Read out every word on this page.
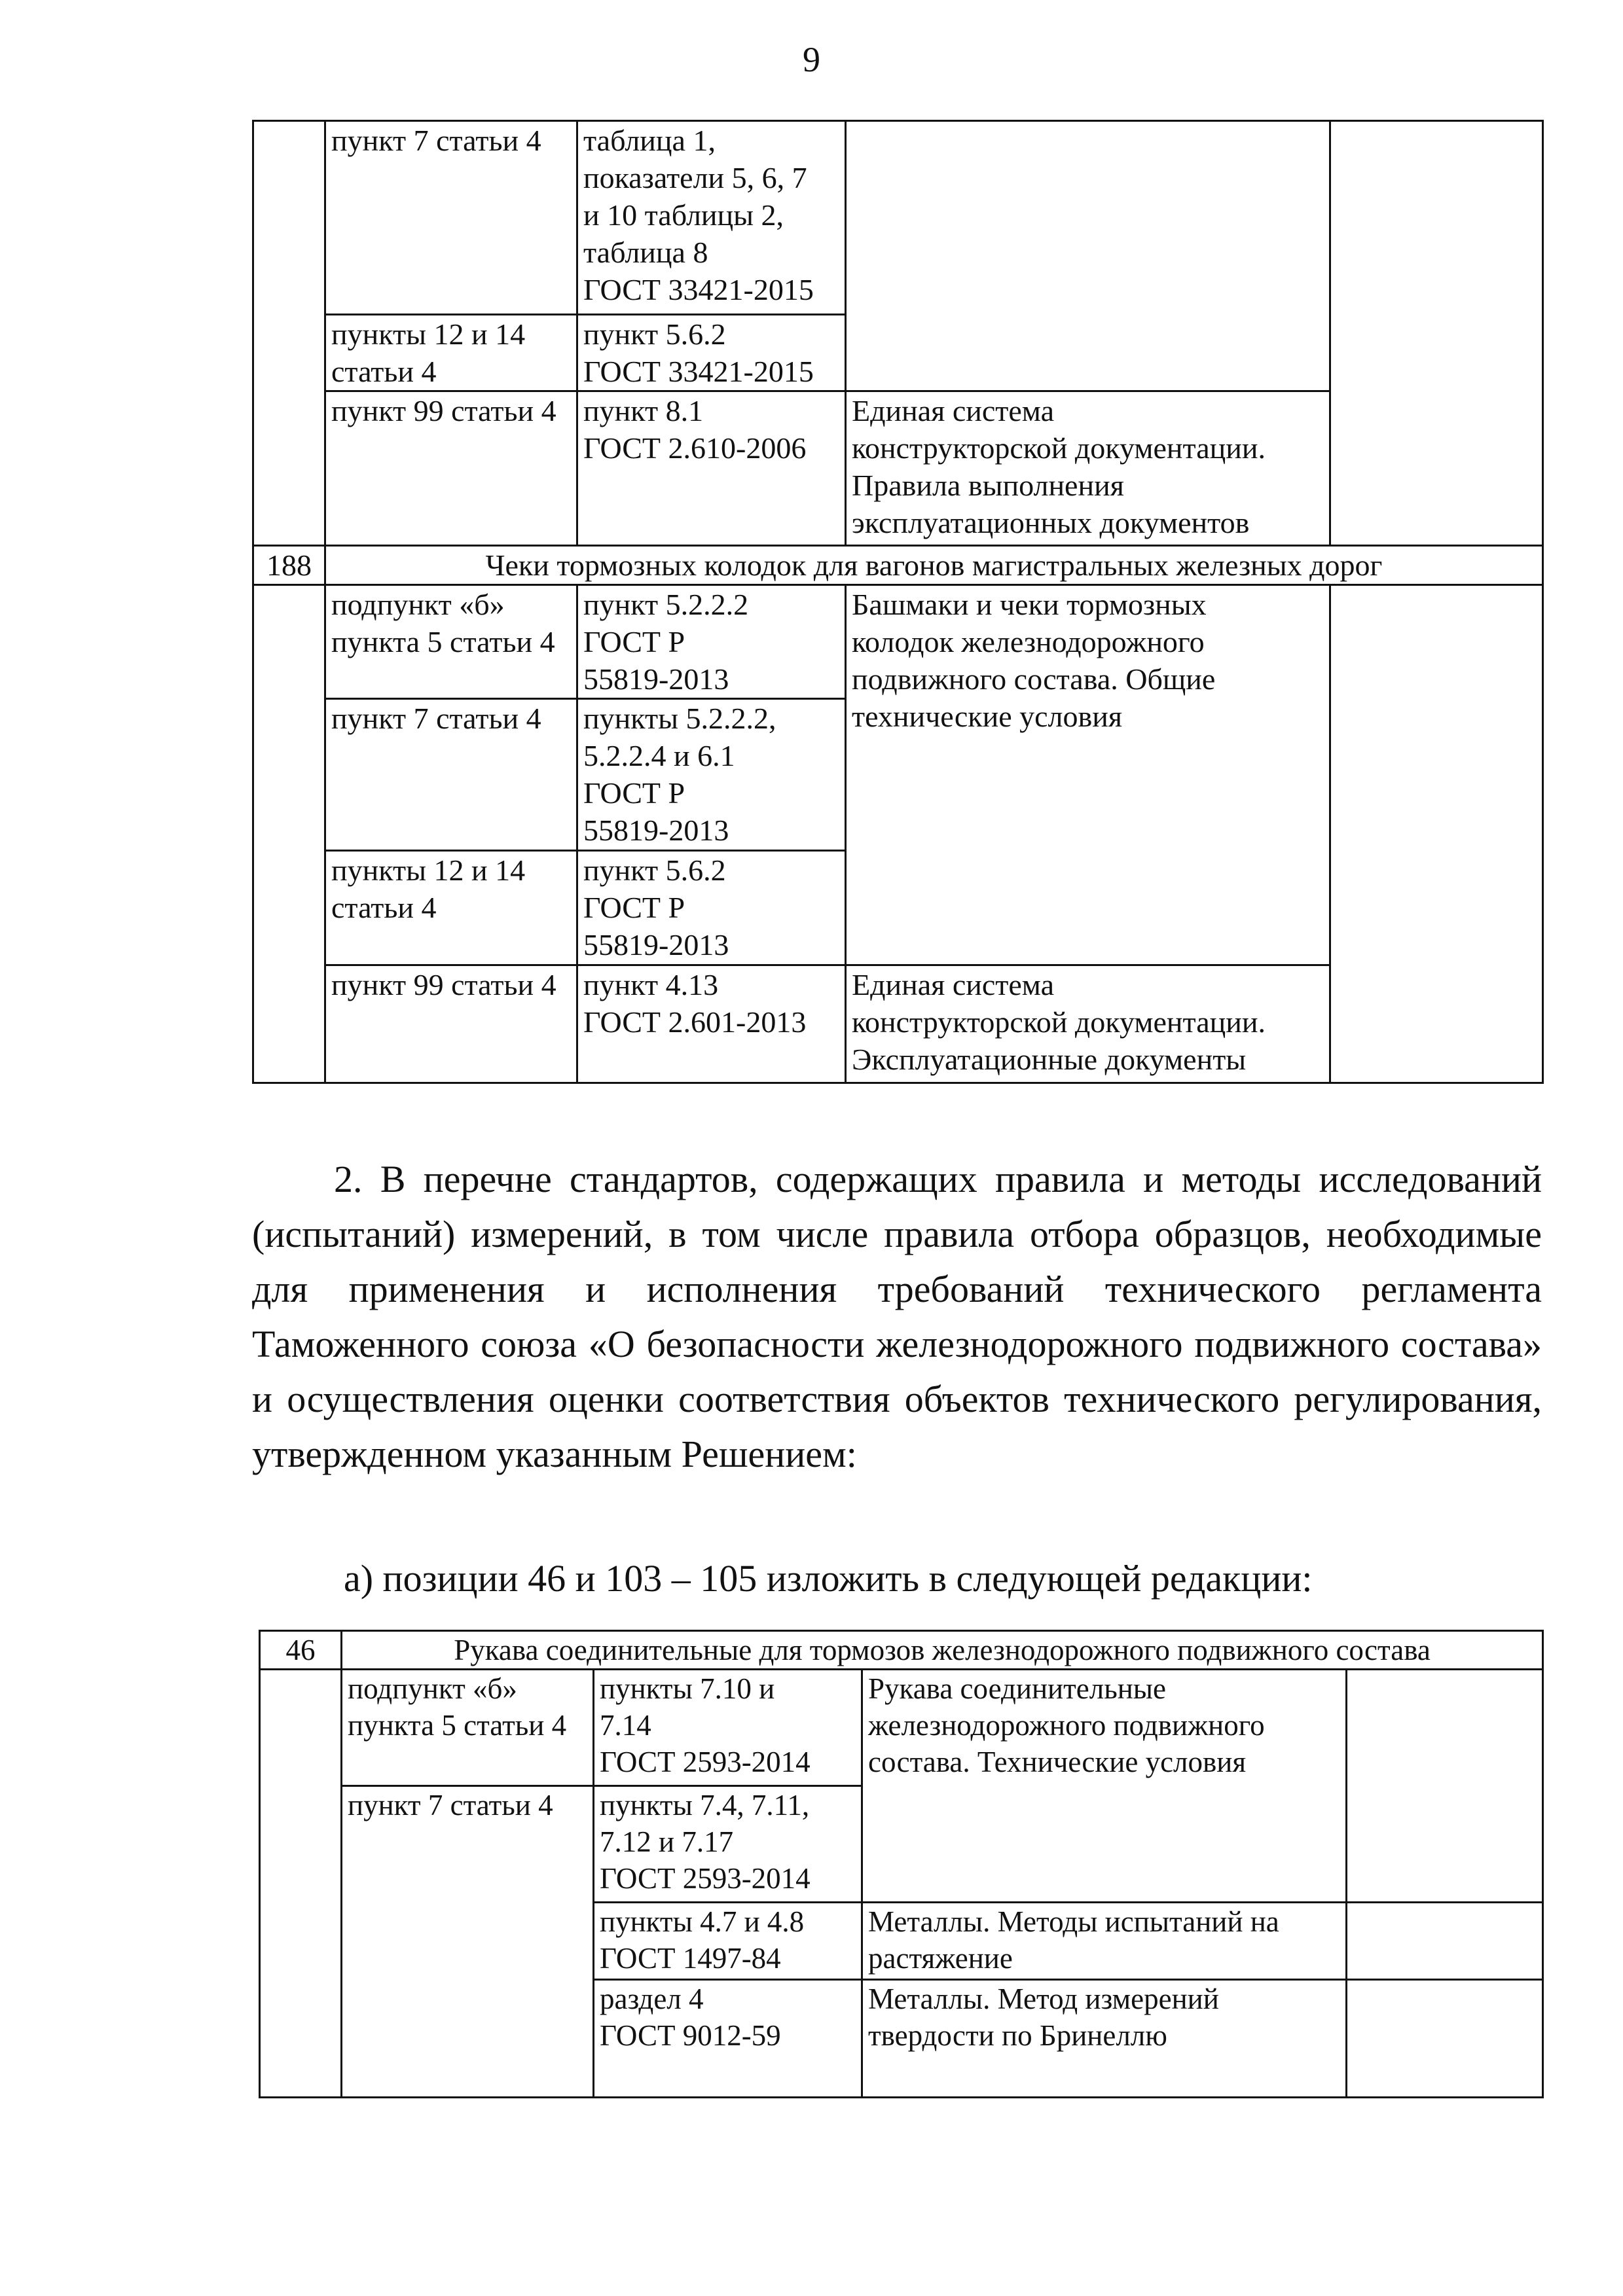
9
	пункт 7 статьи 4	таблица 1,
показатели 5, 6, 7
и 10 таблицы 2,
таблица 8
ГОСТ 33421-2015		
	пункты 12 и 14
статьи 4	пункт 5.6.2
ГОСТ 33421-2015		
	пункт 99 статьи 4	пункт 8.1
ГОСТ 2.610-2006	Единая система
конструкторской документации.
Правила выполнения
эксплуатационных документов	
188	Чеки тормозных колодок для вагонов магистральных железных дорог			
	подпункт «б»
пункта 5 статьи 4	пункт 5.2.2.2
ГОСТ Р
55819-2013	Башмаки и чеки тормозных
колодок железнодорожного
подвижного состава. Общие
технические условия	
	пункт 7 статьи 4	пункты 5.2.2.2,
5.2.2.4 и 6.1
ГОСТ Р
55819-2013		
	пункты 12 и 14
статьи 4	пункт 5.6.2
ГОСТ Р
55819-2013		
	пункт 99 статьи 4	пункт 4.13
ГОСТ 2.601-2013	Единая система
конструкторской документации.
Эксплуатационные документы	

2. В перечне стандартов, содержащих правила и методы исследований (испытаний) измерений, в том числе правила отбора образцов, необходимые для применения и исполнения требований технического регламента Таможенного союза «О безопасности железнодорожного подвижного состава» и осуществления оценки соответствия объектов технического регулирования, утвержденном указанным Решением:

а) позиции 46 и 103 – 105 изложить в следующей редакции:

46	Рукава соединительные для тормозов железнодорожного подвижного состава			
	подпункт «б»
пункта 5 статьи 4	пункты 7.10 и
7.14
ГОСТ 2593-2014	Рукава соединительные
железнодорожного подвижного
состава. Технические условия	
	пункт 7 статьи 4	пункты 7.4, 7.11,
7.12 и 7.17
ГОСТ 2593-2014		
		пункты 4.7 и 4.8
ГОСТ 1497-84	Металлы. Методы испытаний на
растяжение	
		раздел 4
ГОСТ 9012-59	Металлы. Метод измерений
твердости по Бринеллю	
